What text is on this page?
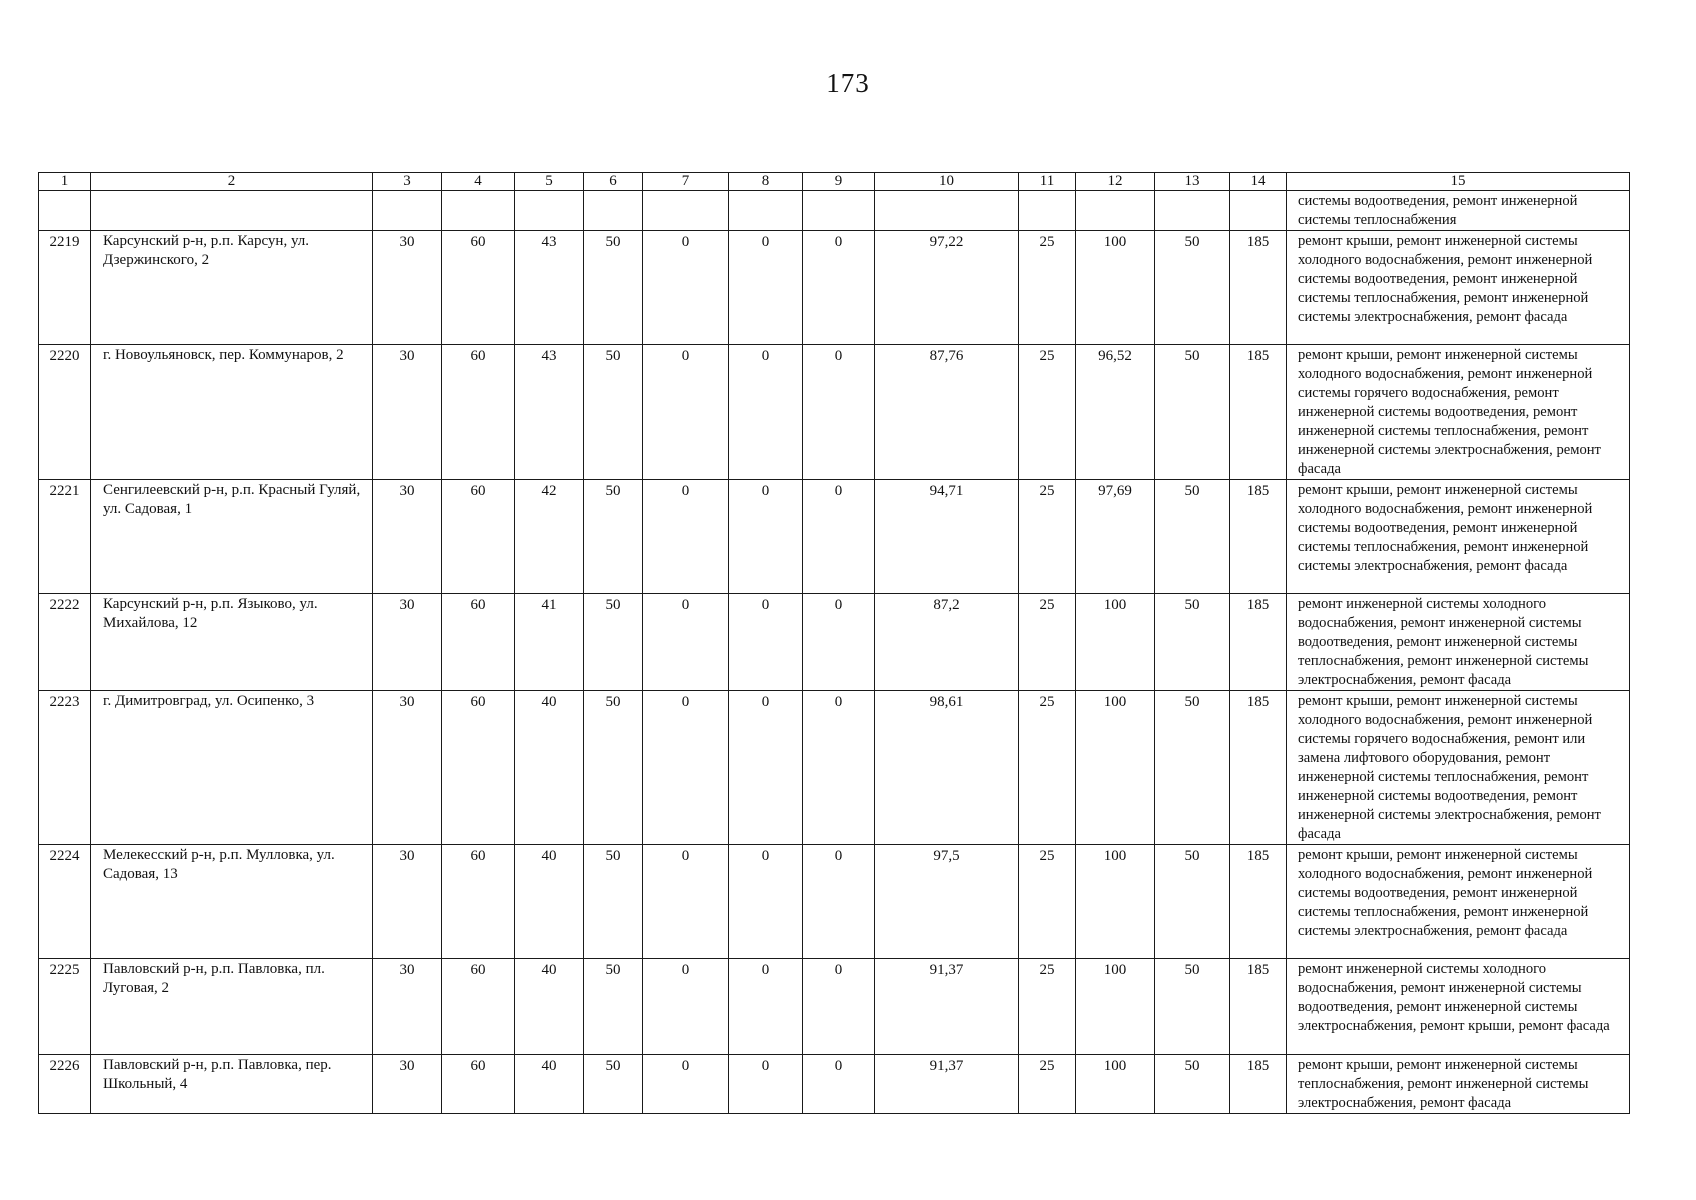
173
1	2	3	4	5	6	7	8	9	10	11	12	13	14	15
														системы водоотведения, ремонт инженерной системы теплоснабжения
2219	Карсунский р-н, р.п. Карсун, ул. Дзержинского, 2	30	60	43	50	0	0	0	97,22	25	100	50	185	ремонт крыши, ремонт инженерной системы холодного водоснабжения, ремонт инженерной системы водоотведения, ремонт инженерной системы теплоснабжения, ремонт инженерной системы электроснабжения, ремонт фасада
2220	г. Новоульяновск, пер. Коммунаров, 2	30	60	43	50	0	0	0	87,76	25	96,52	50	185	ремонт крыши, ремонт инженерной системы холодного водоснабжения, ремонт инженерной системы горячего водоснабжения, ремонт инженерной системы водоотведения, ремонт инженерной системы теплоснабжения, ремонт инженерной системы электроснабжения, ремонт фасада
2221	Сенгилеевский р-н, р.п. Красный Гуляй, ул. Садовая, 1	30	60	42	50	0	0	0	94,71	25	97,69	50	185	ремонт крыши, ремонт инженерной системы холодного водоснабжения, ремонт инженерной системы водоотведения, ремонт инженерной системы теплоснабжения, ремонт инженерной системы электроснабжения, ремонт фасада
2222	Карсунский р-н, р.п. Языково, ул. Михайлова, 12	30	60	41	50	0	0	0	87,2	25	100	50	185	ремонт инженерной системы холодного водоснабжения, ремонт инженерной системы водоотведения, ремонт инженерной системы теплоснабжения, ремонт инженерной системы электроснабжения, ремонт фасада
2223	г. Димитровград, ул. Осипенко, 3	30	60	40	50	0	0	0	98,61	25	100	50	185	ремонт крыши, ремонт инженерной системы холодного водоснабжения, ремонт инженерной системы горячего водоснабжения, ремонт или замена лифтового оборудования, ремонт инженерной системы теплоснабжения, ремонт инженерной системы водоотведения, ремонт инженерной системы электроснабжения, ремонт фасада
2224	Мелекесский р-н, р.п. Мулловка, ул. Садовая, 13	30	60	40	50	0	0	0	97,5	25	100	50	185	ремонт крыши, ремонт инженерной системы холодного водоснабжения, ремонт инженерной системы водоотведения, ремонт инженерной системы теплоснабжения, ремонт инженерной системы электроснабжения, ремонт фасада
2225	Павловский р-н, р.п. Павловка, пл. Луговая, 2	30	60	40	50	0	0	0	91,37	25	100	50	185	ремонт инженерной системы холодного водоснабжения, ремонт инженерной системы водоотведения, ремонт инженерной системы электроснабжения, ремонт крыши, ремонт фасада
2226	Павловский р-н, р.п. Павловка, пер. Школьный, 4	30	60	40	50	0	0	0	91,37	25	100	50	185	ремонт крыши, ремонт инженерной системы теплоснабжения, ремонт инженерной системы электроснабжения, ремонт фасада
